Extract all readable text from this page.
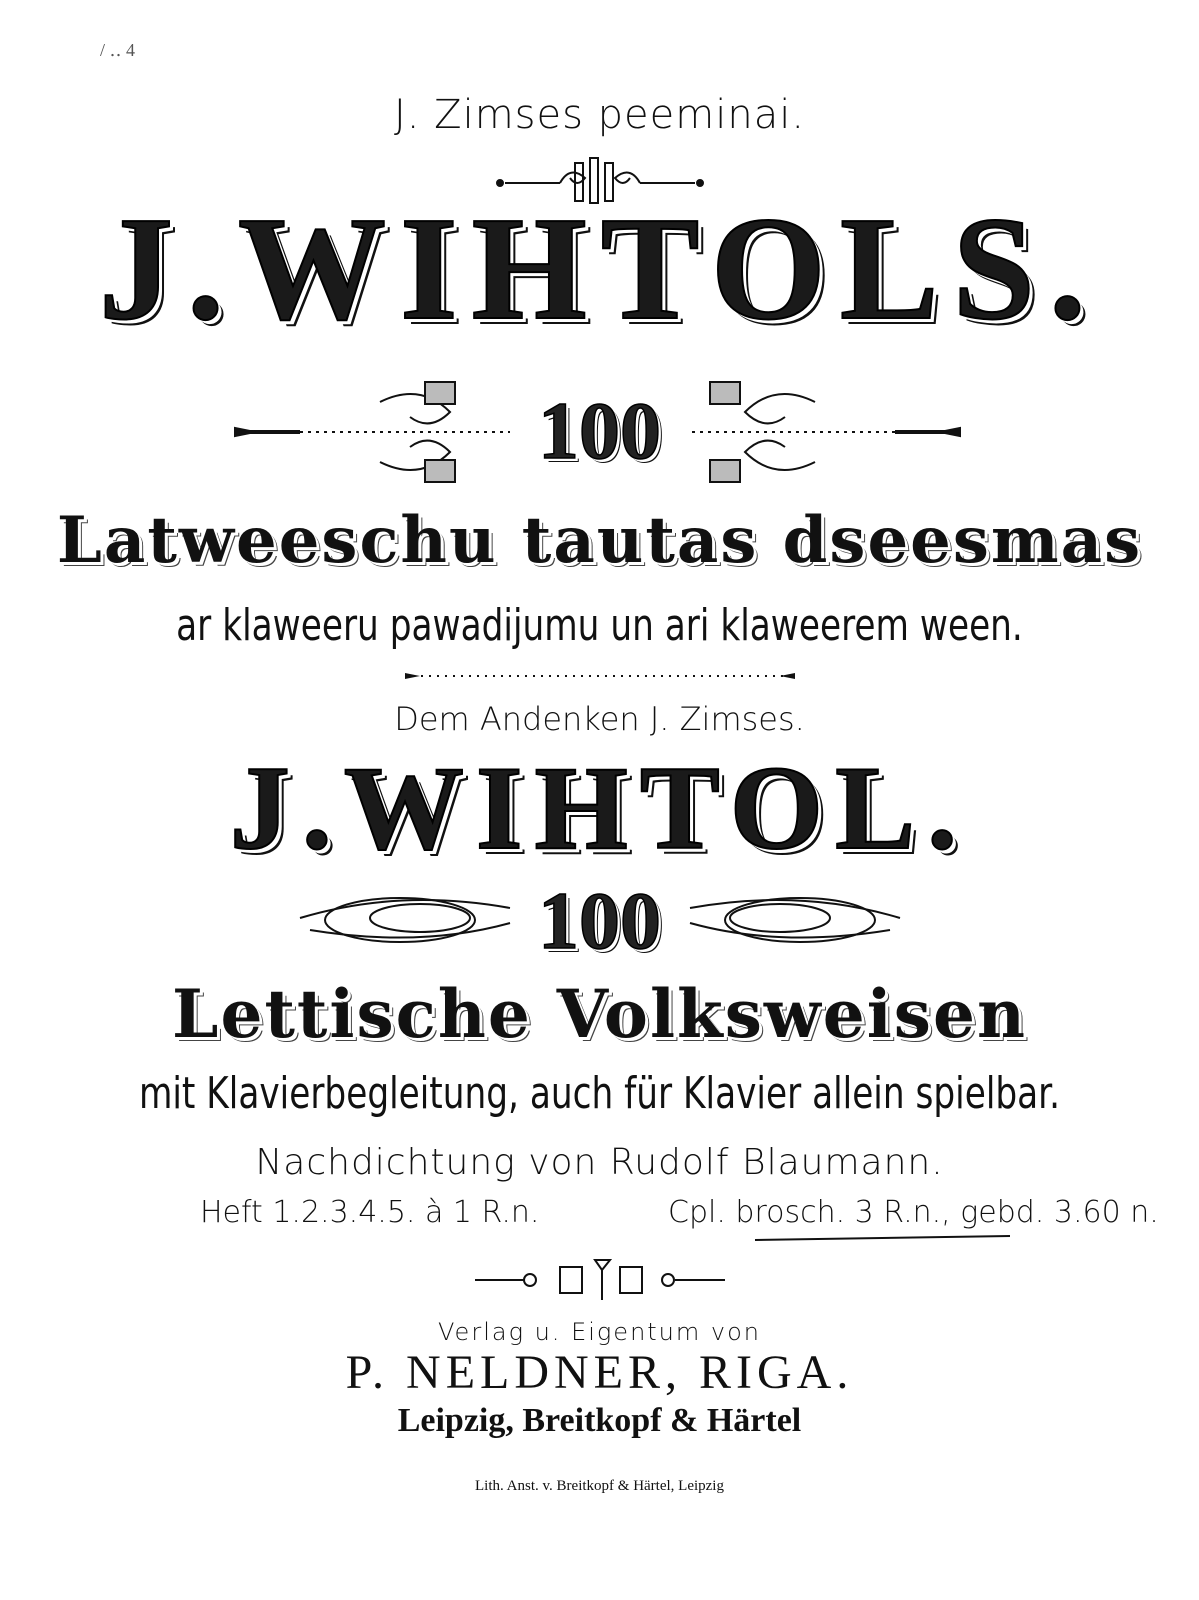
/ ‥ 4
J. Zimses peeminai.
J.WIHTOLS.
100
Latweeschu tautas dseesmas
ar klaweeru pawadijumu un ari klaweerem ween.
Dem Andenken J. Zimses.
J.WIHTOL.
100
Lettische Volksweisen
mit Klavierbegleitung, auch für Klavier allein spielbar.
Nachdichtung von Rudolf Blaumann.
Heft 1.2.3.4.5. à 1 R.n.	Cpl. brosch. 3 R.n., gebd. 3.60 n.
Verlag u. Eigentum von
P. NELDNER, RIGA.
Leipzig, Breitkopf & Härtel
Lith. Anst. v. Breitkopf & Härtel, Leipzig
